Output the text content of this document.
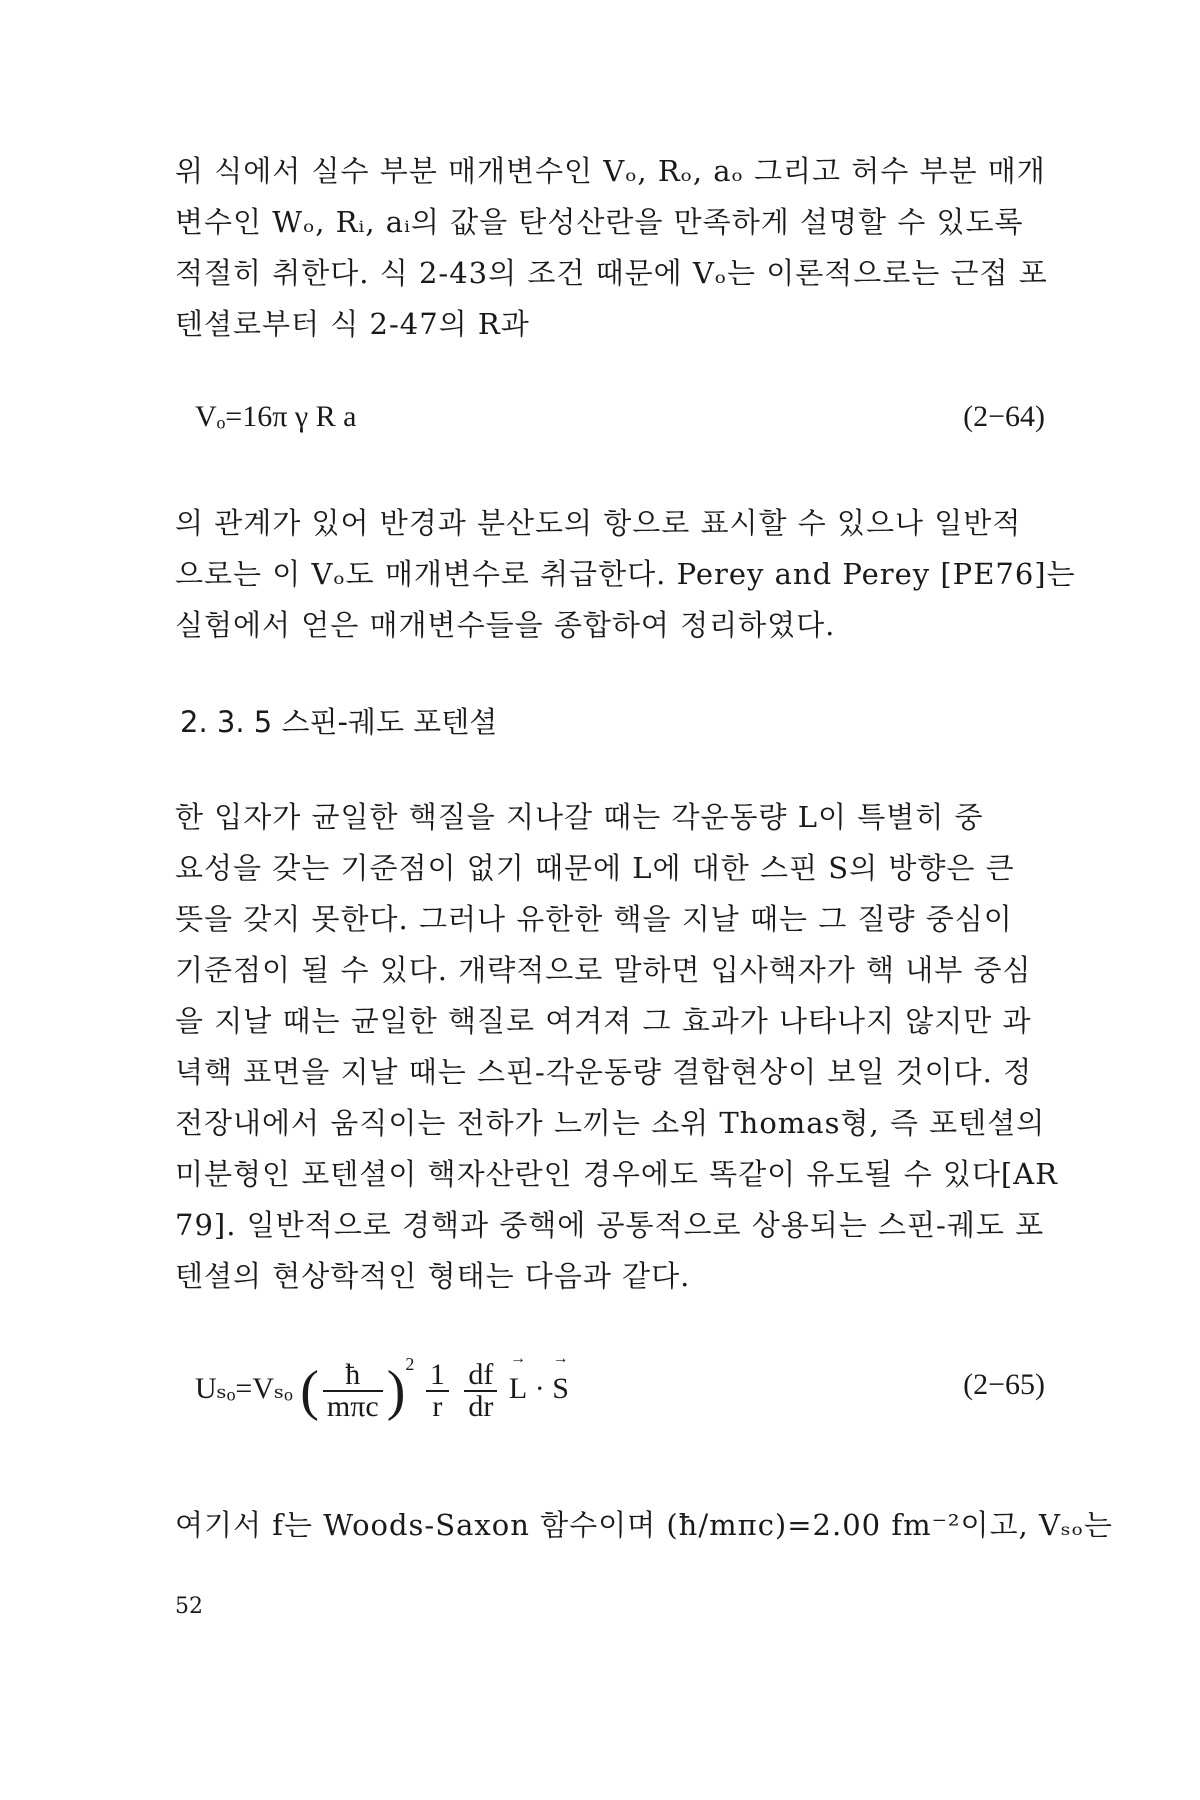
위 식에서 실수 부분 매개변수인 Vₒ, Rₒ, aₒ 그리고 허수 부분 매개
변수인 Wₒ, Rᵢ, aᵢ의 값을 탄성산란을 만족하게 설명할 수 있도록
적절히 취한다. 식 2-43의 조건 때문에 Vₒ는 이론적으로는 근접 포
텐셜로부터 식 2-47의 R과
Vₒ=16π γ R a	(2−64)
의 관계가 있어 반경과 분산도의 항으로 표시할 수 있으나 일반적
으로는 이 Vₒ도 매개변수로 취급한다. Perey and Perey [PE76]는
실험에서 얻은 매개변수들을 종합하여 정리하였다.
2. 3. 5 스핀-궤도 포텐셜
한 입자가 균일한 핵질을 지나갈 때는 각운동량 L이 특별히 중
요성을 갖는 기준점이 없기 때문에 L에 대한 스핀 S의 방향은 큰
뜻을 갖지 못한다. 그러나 유한한 핵을 지날 때는 그 질량 중심이
기준점이 될 수 있다. 개략적으로 말하면 입사핵자가 핵 내부 중심
을 지날 때는 균일한 핵질로 여겨져 그 효과가 나타나지 않지만 과
녁핵 표면을 지날 때는 스핀-각운동량 결합현상이 보일 것이다. 정
전장내에서 움직이는 전하가 느끼는 소위 Thomas형, 즉 포텐셜의
미분형인 포텐셜이 핵자산란인 경우에도 똑같이 유도될 수 있다[AR
79]. 일반적으로 경핵과 중핵에 공통적으로 상용되는 스핀-궤도 포
텐셜의 현상학적인 형태는 다음과 같다.
Uₛₒ=Vₛₒ ( $\frac{ħ}{\text{mπc}} )^2 \frac{1}{r}$
$\frac{df}{dr}$
→ L · → S	(2−65)
여기서 f는 Woods-Saxon 함수이며 (ħ/mπc)=2.00 fm⁻²이고, Vₛₒ는
52
